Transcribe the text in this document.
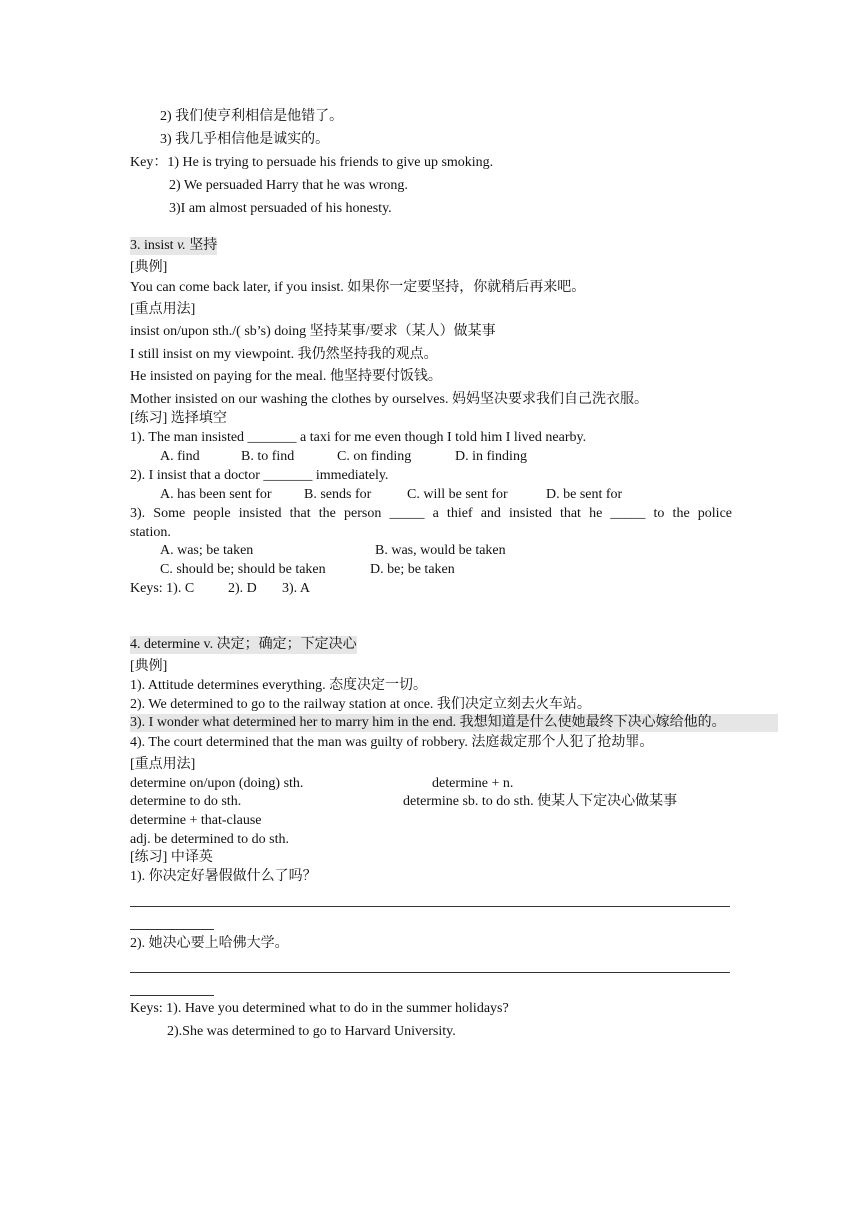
2) 我们使亨利相信是他错了。
3) 我几乎相信他是诚实的。
Key：1) He is trying to persuade his friends to give up smoking.
2) We persuaded Harry that he was wrong.
3)I am almost persuaded of his honesty.
3. insist v. 坚持
[典例]
You can come back later, if you insist. 如果你一定要坚持，你就稍后再来吧。
[重点用法]
insist on/upon sth./( sb’s) doing 坚持某事/要求（某人）做某事
I still insist on my viewpoint. 我仍然坚持我的观点。
He insisted on paying for the meal. 他坚持要付饭钱。
Mother insisted on our washing the clothes by ourselves. 妈妈坚决要求我们自己洗衣服。
[练习] 选择填空
1). The man insisted _______ a taxi for me even though I told him I lived nearby.
A. find	B. to find	C. on finding	D. in finding
2). I insist that a doctor _______ immediately.
A. has been sent for B. sends for	C. will be sent for	D. be sent for
3). Some people insisted that the person _____ a thief and insisted that he _____ to the police
station.
A. was; be taken	B. was, would be taken
C. should be; should be taken	D. be; be taken
Keys: 1). C 2). D 3). A
4. determine v. 决定；确定；下定决心
[典例]
1). Attitude determines everything. 态度决定一切。
2). We determined to go to the railway station at once. 我们决定立刻去火车站。
3). I wonder what determined her to marry him in the end. 我想知道是什么使她最终下决心嫁给他的。
4). The court determined that the man was guilty of robbery. 法庭裁定那个人犯了抢劫罪。
[重点用法]
determine on/upon (doing) sth.	determine + n.
determine to do sth.	determine sb. to do sth. 使某人下定决心做某事
determine + that-clause
adj. be determined to do sth.
[练习] 中译英
1). 你决定好暑假做什么了吗？
2). 她决心要上哈佛大学。
Keys: 1). Have you determined what to do in the summer holidays?
2).She was determined to go to Harvard University.
